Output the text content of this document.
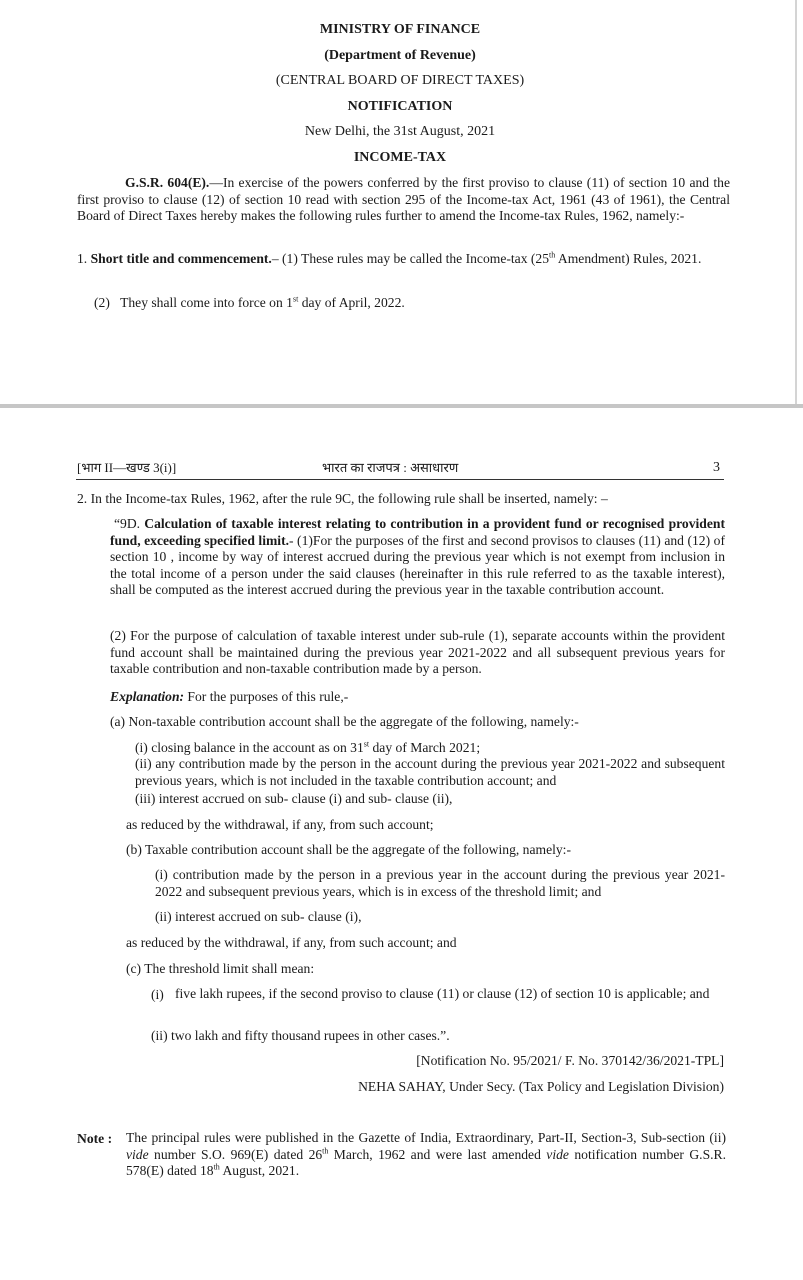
MINISTRY OF FINANCE
(Department of Revenue)
(CENTRAL BOARD OF DIRECT TAXES)
NOTIFICATION
New Delhi, the 31st August, 2021
INCOME-TAX
G.S.R. 604(E).—In exercise of the powers conferred by the first proviso to clause (11) of section 10 and the first proviso to clause (12) of section 10 read with section 295 of the Income-tax Act, 1961 (43 of 1961), the Central Board of Direct Taxes hereby makes the following rules further to amend the Income-tax Rules, 1962, namely:-
1. Short title and commencement.– (1) These rules may be called the Income-tax (25th Amendment) Rules, 2021.
(2) They shall come into force on 1st day of April, 2022.
[भाग II—खण्ड 3(i)]	भारत का राजपत्र : असाधारण	3
2. In the Income-tax Rules, 1962, after the rule 9C, the following rule shall be inserted, namely: –
“9D. Calculation of taxable interest relating to contribution in a provident fund or recognised provident fund, exceeding specified limit.- (1)For the purposes of the first and second provisos to clauses (11) and (12) of section 10 , income by way of interest accrued during the previous year which is not exempt from inclusion in the total income of a person under the said clauses (hereinafter in this rule referred to as the taxable interest), shall be computed as the interest accrued during the previous year in the taxable contribution account.
(2) For the purpose of calculation of taxable interest under sub-rule (1), separate accounts within the provident fund account shall be maintained during the previous year 2021-2022 and all subsequent previous years for taxable contribution and non-taxable contribution made by a person.
Explanation: For the purposes of this rule,-
(a) Non-taxable contribution account shall be the aggregate of the following, namely:-
(i) closing balance in the account as on 31st day of March 2021;
(ii) any contribution made by the person in the account during the previous year 2021-2022 and subsequent previous years, which is not included in the taxable contribution account; and
(iii) interest accrued on sub- clause (i) and sub- clause (ii),
as reduced by the withdrawal, if any, from such account;
(b) Taxable contribution account shall be the aggregate of the following, namely:-
(i) contribution made by the person in a previous year in the account during the previous year 2021-2022 and subsequent previous years, which is in excess of the threshold limit; and
(ii) interest accrued on sub- clause (i),
as reduced by the withdrawal, if any, from such account; and
(c) The threshold limit shall mean:
(i) five lakh rupees, if the second proviso to clause (11) or clause (12) of section 10 is applicable; and
(ii) two lakh and fifty thousand rupees in other cases.”.
[Notification No. 95/2021/ F. No. 370142/36/2021-TPL]
NEHA SAHAY, Under Secy. (Tax Policy and Legislation Division)
Note : The principal rules were published in the Gazette of India, Extraordinary, Part-II, Section-3, Sub-section (ii) vide number S.O. 969(E) dated 26th March, 1962 and were last amended vide notification number G.S.R. 578(E) dated 18th August, 2021.
